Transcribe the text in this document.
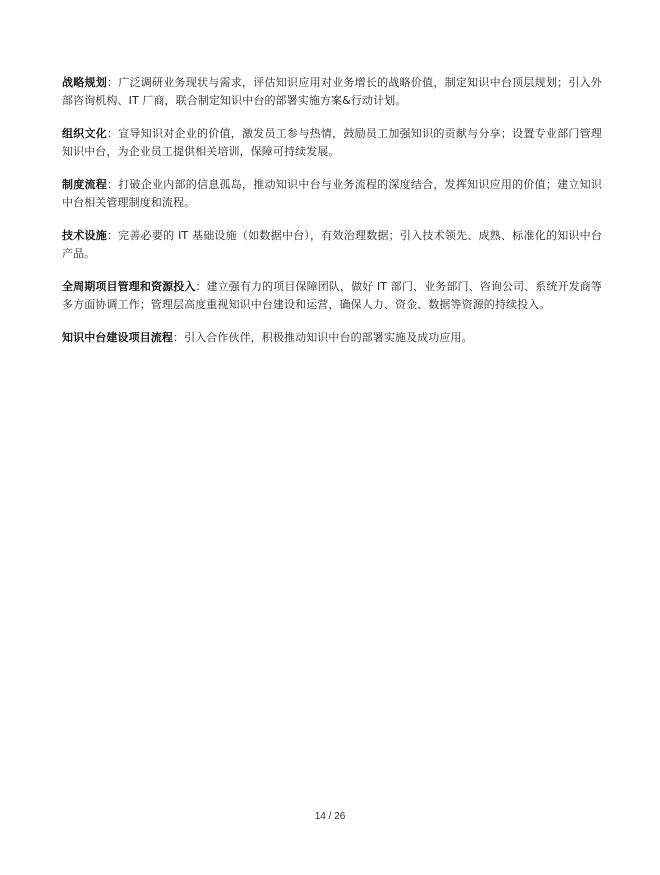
战略规划：广泛调研业务现状与需求，评估知识应用对业务增长的战略价值，制定知识中台顶层规划；引入外部咨询机构、IT 厂商，联合制定知识中台的部署实施方案&行动计划。

组织文化：宣导知识对企业的价值，激发员工参与热情，鼓励员工加强知识的贡献与分享；设置专业部门管理知识中台，为企业员工提供相关培训，保障可持续发展。

制度流程：打破企业内部的信息孤岛，推动知识中台与业务流程的深度结合，发挥知识应用的价值；建立知识中台相关管理制度和流程。

技术设施：完善必要的 IT 基础设施（如数据中台），有效治理数据；引入技术领先、成熟、标准化的知识中台产品。

全周期项目管理和资源投入：建立强有力的项目保障团队，做好 IT 部门、业务部门、咨询公司、系统开发商等多方面协调工作；管理层高度重视知识中台建设和运营，确保人力、资金、数据等资源的持续投入。

知识中台建设项目流程：引入合作伙伴，积极推动知识中台的部署实施及成功应用。

14 / 26
